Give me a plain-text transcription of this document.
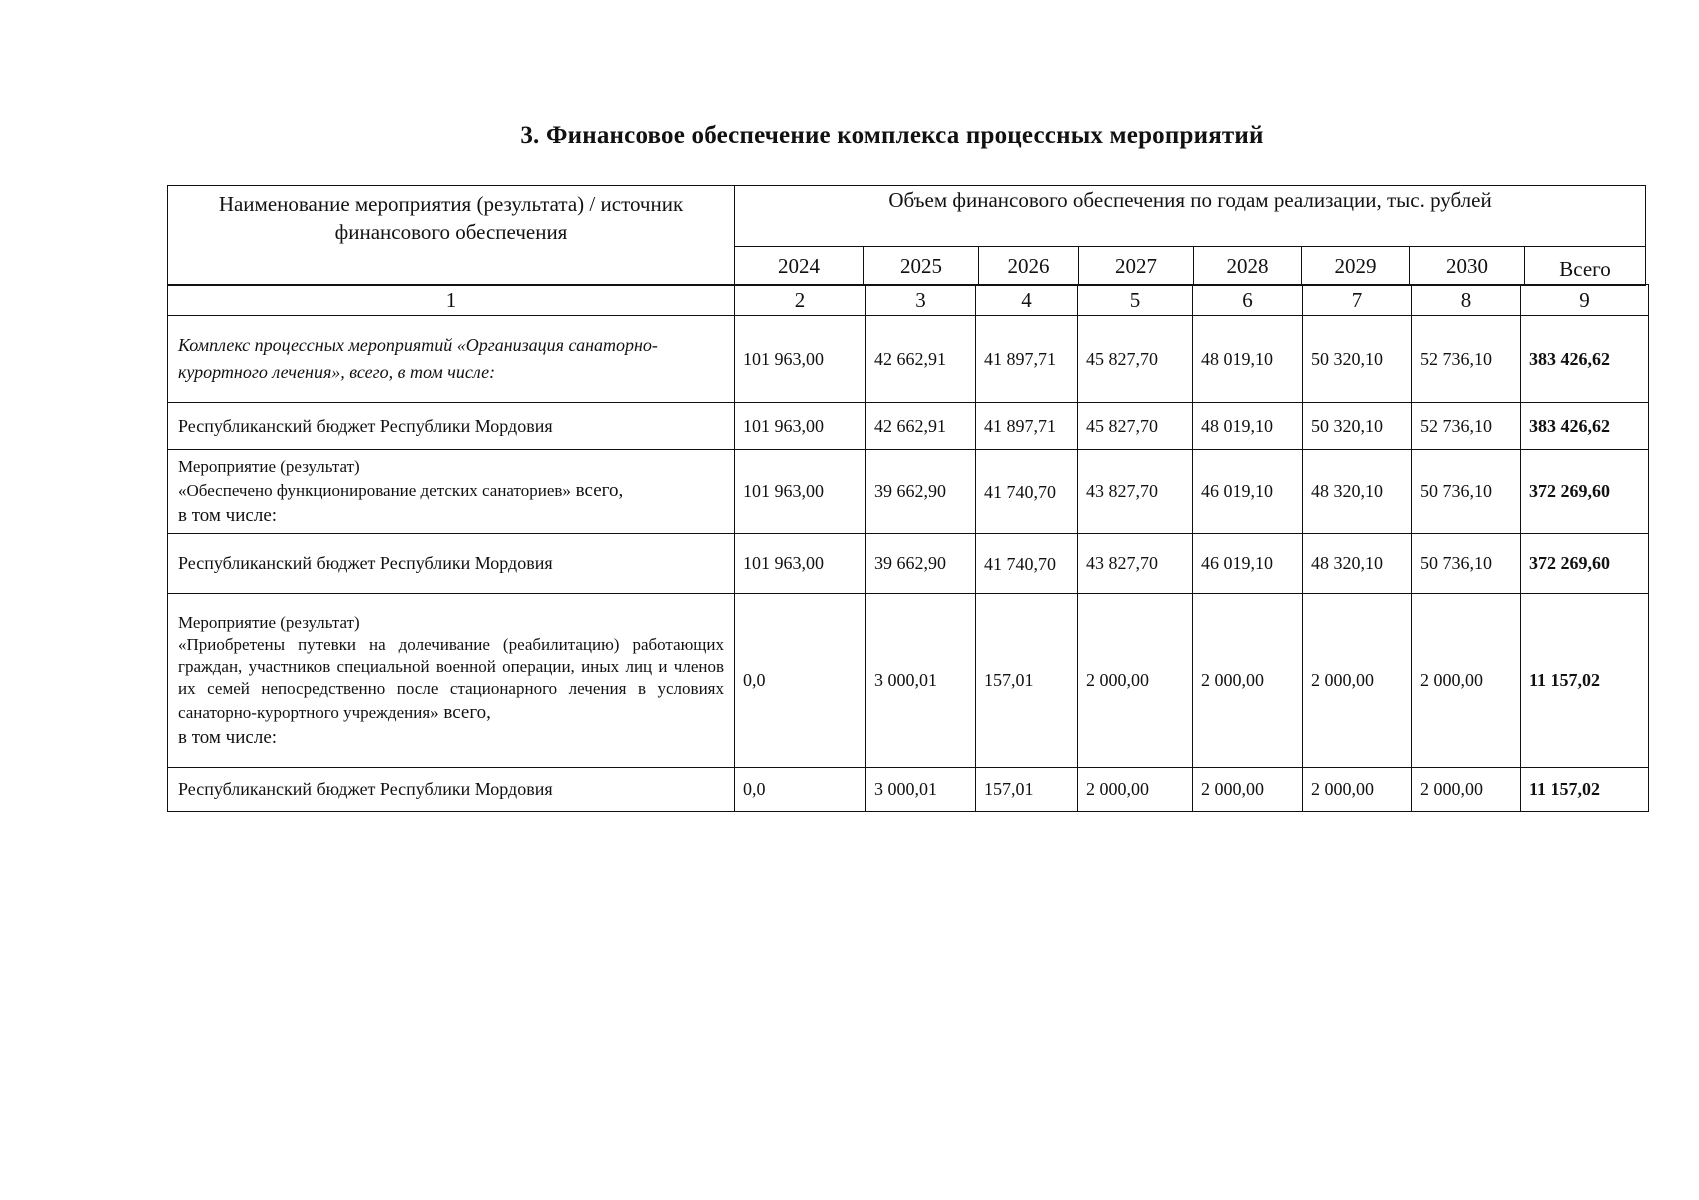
3. Финансовое обеспечение комплекса процессных мероприятий
Наименование мероприятия (результата) / источник финансового обеспечения	Объем финансового обеспечения по годам реализации, тыс. рублей							
	2024	2025	2026	2027	2028	2029	2030	Всего
1	2	3	4	5	6	7	8	9
Комплекс процессных мероприятий «Организация санаторно-курортного лечения», всего, в том числе:	101 963,00	42 662,91	41 897,71	45 827,70	48 019,10	50 320,10	52 736,10	383 426,62
Республиканский бюджет Республики Мордовия	101 963,00	42 662,91	41 897,71	45 827,70	48 019,10	50 320,10	52 736,10	383 426,62

Мероприятие (результат)
«Обеспечено функционирование детских санаториев» всего,
в том числе:	101 963,00	39 662,90	41 740,70	43 827,70	46 019,10	48 320,10	50 736,10	372 269,60
Республиканский бюджет Республики Мордовия	101 963,00	39 662,90	41 740,70	43 827,70	46 019,10	48 320,10	50 736,10	372 269,60

Мероприятие (результат)
«Приобретены путевки на долечивание (реабилитацию) работающих граждан, участников специальной военной операции, иных лиц и членов их семей непосредственно после стационарного лечения в условиях санаторно-курортного учреждения» всего,
в том числе:	0,0	3 000,01	157,01	2 000,00	2 000,00	2 000,00	2 000,00	11 157,02
Республиканский бюджет Республики Мордовия	0,0	3 000,01	157,01	2 000,00	2 000,00	2 000,00	2 000,00	11 157,02
